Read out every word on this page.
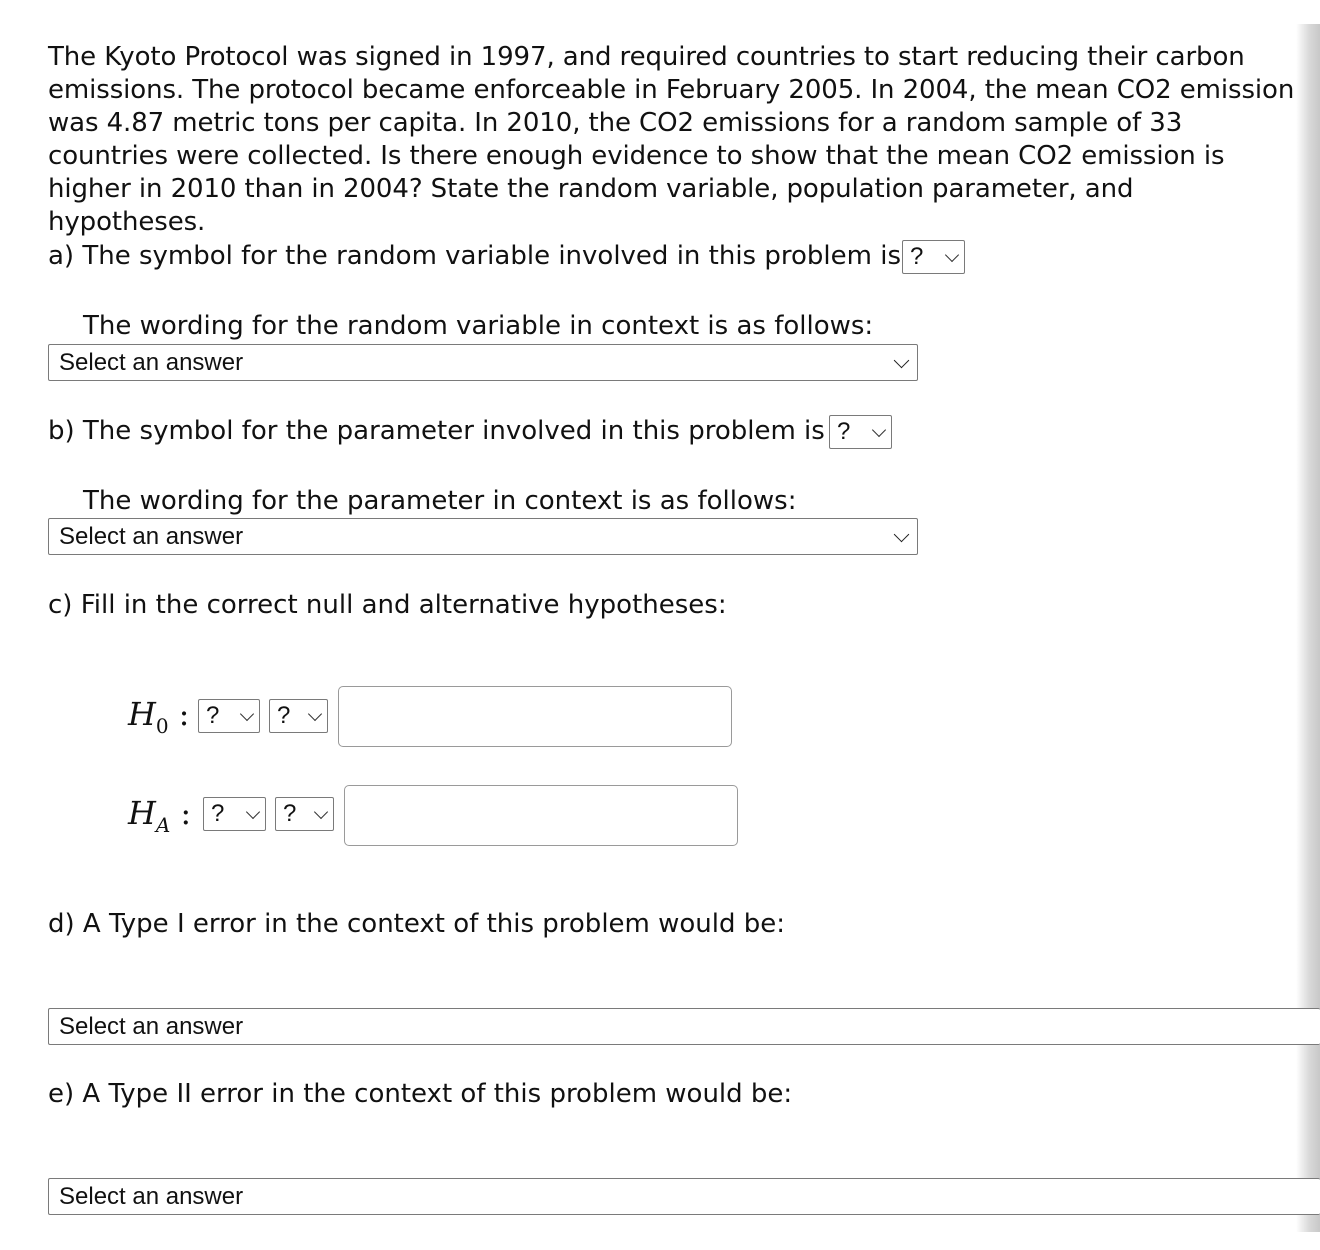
The Kyoto Protocol was signed in 1997, and required countries to start reducing their carbon emissions. The protocol became enforceable in February 2005. In 2004, the mean CO2 emission was 4.87 metric tons per capita. In 2010, the CO2 emissions for a random sample of 33 countries were collected. Is there enough evidence to show that the mean CO2 emission is higher in 2010 than in 2004? State the random variable, population parameter, and hypotheses.
a) The symbol for the random variable involved in this problem is ?
The wording for the random variable in context is as follows:
Select an answer
b) The symbol for the parameter involved in this problem is ?
The wording for the parameter in context is as follows:
Select an answer
c) Fill in the correct null and alternative hypotheses:
$H_0$ : ?	?
$H_A$ : ?	?
d) A Type I error in the context of this problem would be:
Select an answer
e) A Type II error in the context of this problem would be:
Select an answer
